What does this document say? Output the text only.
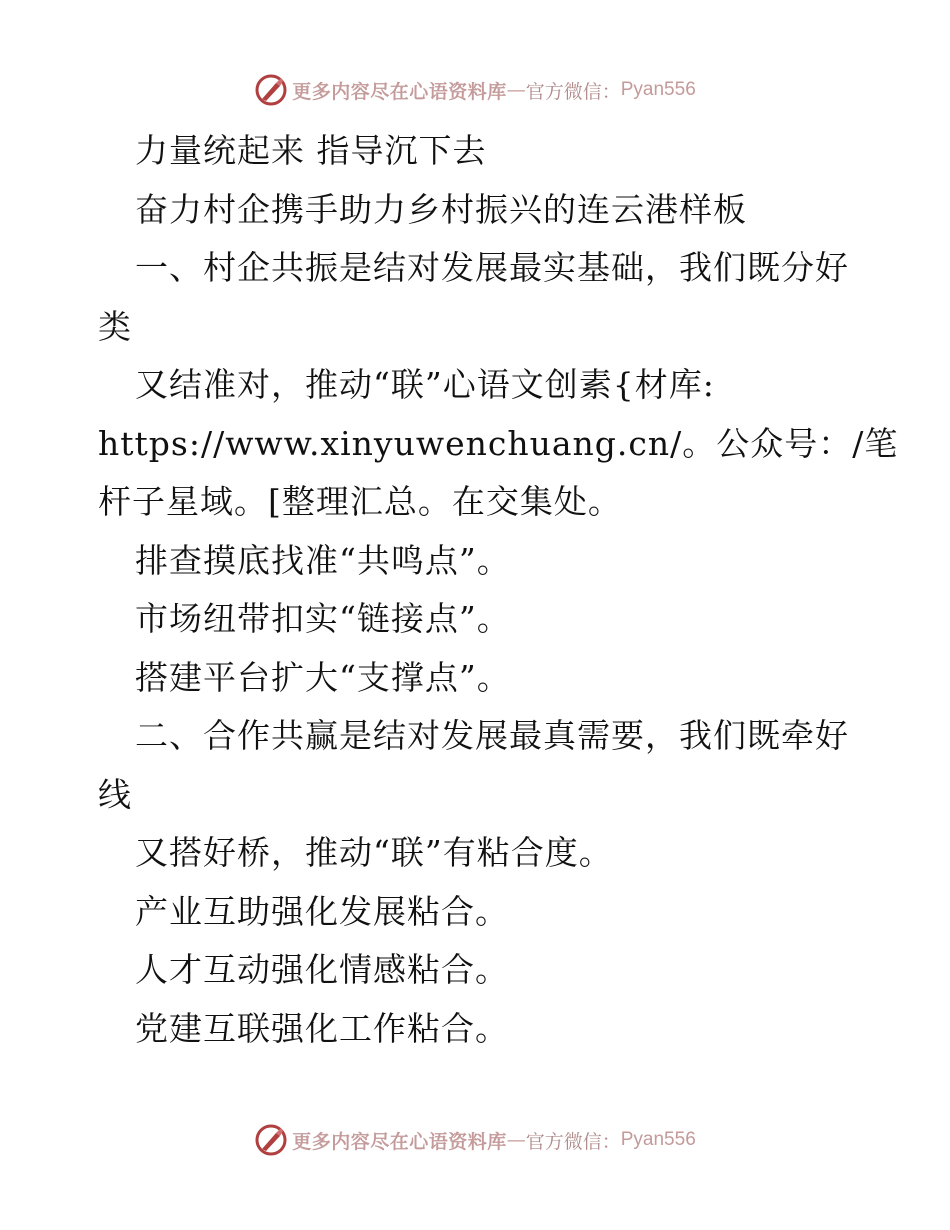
更多内容尽在心语资料库 — 官方微信： Pyan556
力量统起来 指导沉下去
奋力村企携手助力乡村振兴的连云港样板
一、村企共振是结对发展最实基础，我们既分好
类
又结准对，推动“联”心语文创素{材库:
https://www.xinyuwenchuang.cn/。公众号：/笔
杆子星域。[整理汇总。在交集处。
排查摸底找准“共鸣点”。
市场纽带扣实“链接点”。
搭建平台扩大“支撑点”。
二、合作共赢是结对发展最真需要，我们既牵好
线
又搭好桥，推动“联”有粘合度。
产业互助强化发展粘合。
人才互动强化情感粘合。
党建互联强化工作粘合。
更多内容尽在心语资料库 — 官方微信： Pyan556
